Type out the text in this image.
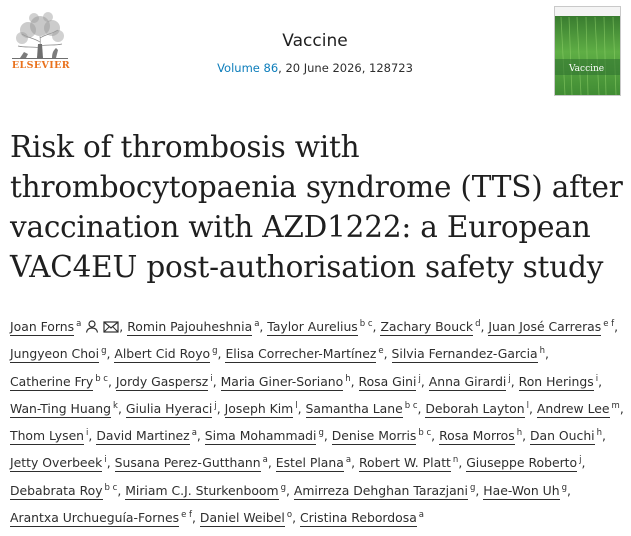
ELSEVIER
Vaccine
Volume 86, 20 June 2026, 128723	Vaccine
Risk of thrombosis with thrombocytopaenia syndrome (TTS) after vaccination with AZD1222: a European VAC4EU post-authorisation safety study
Joan Forns $^a$	, Romin Pajouheshnia $^a$, Taylor Aurelius $^{b c}$, Zachary Bouck $^d$, Juan José Carreras $^{e f}$, Jungyeon Choi $^g$, Albert Cid Royo $^g$, Elisa Correcher-Martínez $^e$, Silvia Fernandez-Garcia $^h$, Catherine Fry $^{b c}$, Jordy Gaspersz $^i$, Maria Giner-Soriano $^h$, Rosa Gini $^j$, Anna Girardi $^j$, Ron Herings $^i$, Wan-Ting Huang $^k$, Giulia Hyeraci $^j$, Joseph Kim $^l$, Samantha Lane $^{b c}$, Deborah Layton $^l$, Andrew Lee $^m$, Thom Lysen $^i$, David Martinez $^a$, Sima Mohammadi $^g$, Denise Morris $^{b c}$, Rosa Morros $^h$, Dan Ouchi $^h$, Jetty Overbeek $^i$, Susana Perez-Gutthann $^a$, Estel Plana $^a$, Robert W. Platt $^n$, Giuseppe Roberto $^j$, Debabrata Roy $^{b c}$, Miriam C.J. Sturkenboom $^g$, Amirreza Dehghan Tarazjani $^g$, Hae-Won Uh $^g$, Arantxa Urchueguía-Fornes $^{e f}$, Daniel Weibel $^o$, Cristina Rebordosa $^a$
